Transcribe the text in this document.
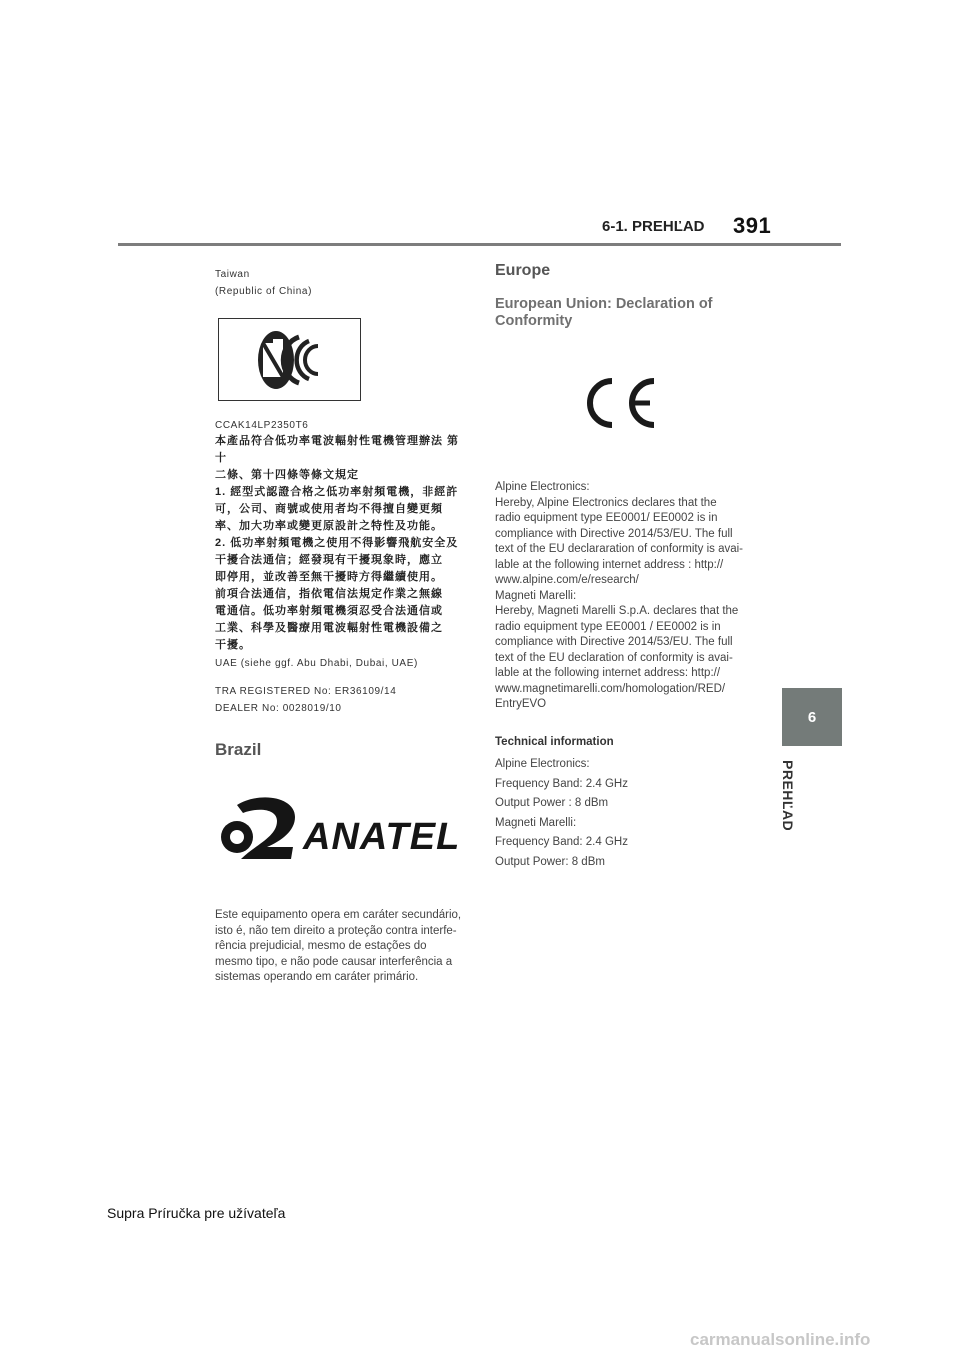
6-1. PREHĽAD 391
6
PREHĽAD
Taiwan
(Republic of China)
CCAK14LP2350T6
本產品符合低功率電波輻射性電機管理辦法 第十
二條、第十四條等條文規定
1. 經型式認證合格之低功率射頻電機，非經許
可，公司、商號或使用者均不得擅自變更頻
率、加大功率或變更原設計之特性及功能。
2. 低功率射頻電機之使用不得影響飛航安全及
干擾合法通信；經發現有干擾現象時，應立
即停用，並改善至無干擾時方得繼續使用。
前項合法通信，指依電信法規定作業之無線
電通信。低功率射頻電機須忍受合法通信或
工業、科學及醫療用電波輻射性電機設備之
干擾。
UAE (siehe ggf. Abu Dhabi, Dubai, UAE)
TRA REGISTERED No: ER36109/14
DEALER No: 0028019/10
Brazil
ANATEL
Este equipamento opera em caráter secundário, isto é, não tem direito a proteção contra interfe-rência prejudicial, mesmo de estações do mesmo tipo, e não pode causar interferência a sistemas operando em caráter primário.
Europe
European Union: Declaration of Conformity

Alpine Electronics:

Hereby, Alpine Electronics declares that the radio equipment type EE0001/ EE0002 is in compliance with Directive 2014/53/EU. The full text of the EU declararation of conformity is avai-lable at the following internet address : http:// www.alpine.com/e/research/

Magneti Marelli:

Hereby, Magneti Marelli S.p.A. declares that the radio equipment type EE0001 / EE0002 is in compliance with Directive 2014/53/EU. The full text of the EU declaration of conformity is avai-lable at the following internet address: http:// www.magnetimarelli.com/homologation/RED/ EntryEVO

Technical information
Alpine Electronics:
Frequency Band: 2.4 GHz
Output Power : 8 dBm
Magneti Marelli:
Frequency Band: 2.4 GHz
Output Power: 8 dBm
Supra Príručka pre užívateľa
carmanualsonline.info
